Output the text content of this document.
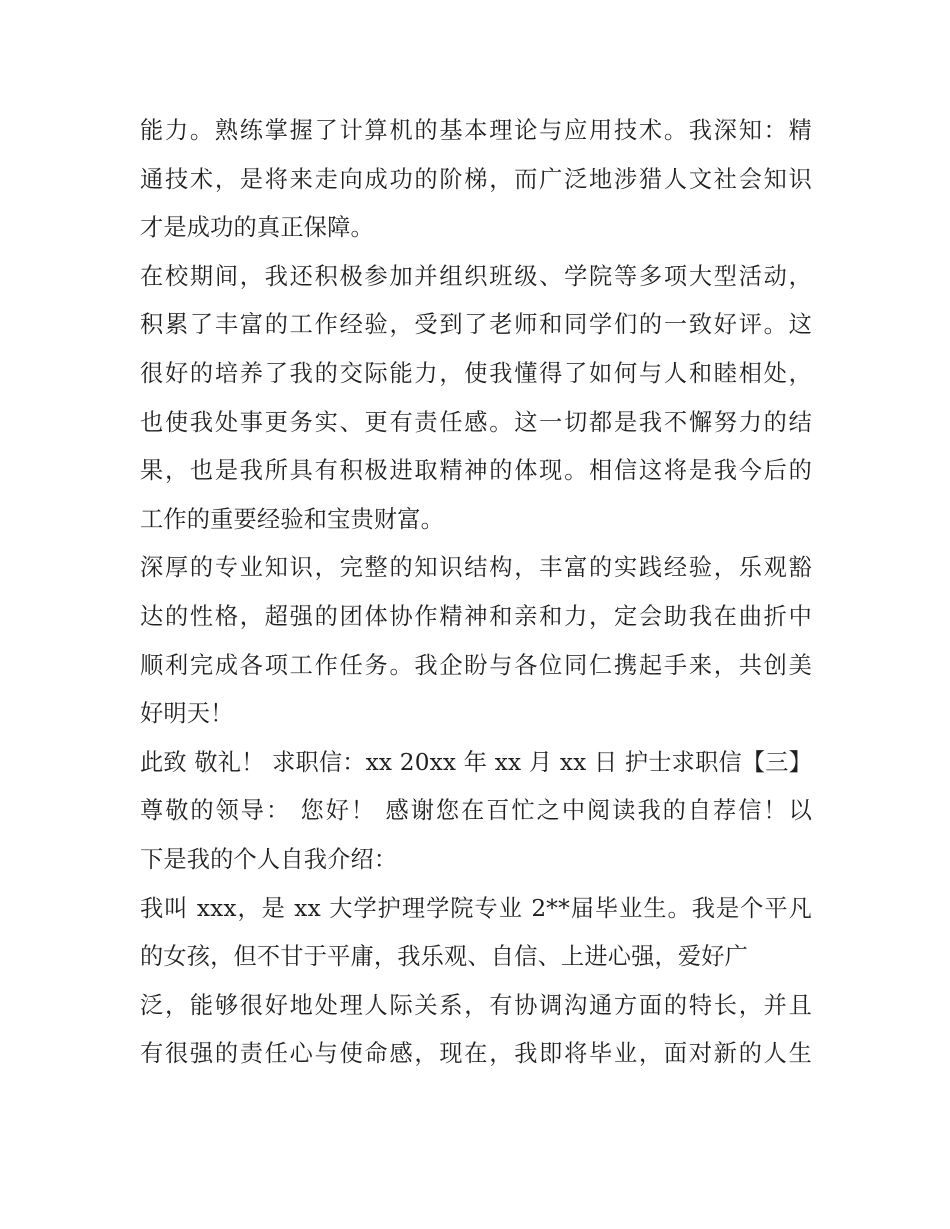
能力。熟练掌握了计算机的基本理论与应用技术。我深知：精
通技术，是将来走向成功的阶梯，而广泛地涉猎人文社会知识
才是成功的真正保障。
在校期间，我还积极参加并组织班级、学院等多项大型活动，
积累了丰富的工作经验，受到了老师和同学们的一致好评。这
很好的培养了我的交际能力，使我懂得了如何与人和睦相处，
也使我处事更务实、更有责任感。这一切都是我不懈努力的结
果，也是我所具有积极进取精神的体现。相信这将是我今后的
工作的重要经验和宝贵财富。
深厚的专业知识，完整的知识结构，丰富的实践经验，乐观豁
达的性格，超强的团体协作精神和亲和力，定会助我在曲折中
顺利完成各项工作任务。我企盼与各位同仁携起手来，共创美
好明天！
此致 敬礼！ 求职信：xx 20xx 年 xx 月 xx 日 护士求职信【三】
尊敬的领导： 您好！ 感谢您在百忙之中阅读我的自荐信！以
下是我的个人自我介绍：
我叫 xxx，是 xx 大学护理学院专业 2**届毕业生。我是个平凡
的女孩，但不甘于平庸，我乐观、自信、上进心强，爱好广
泛，能够很好地处理人际关系，有协调沟通方面的特长，并且
有很强的责任心与使命感，现在，我即将毕业，面对新的人生
